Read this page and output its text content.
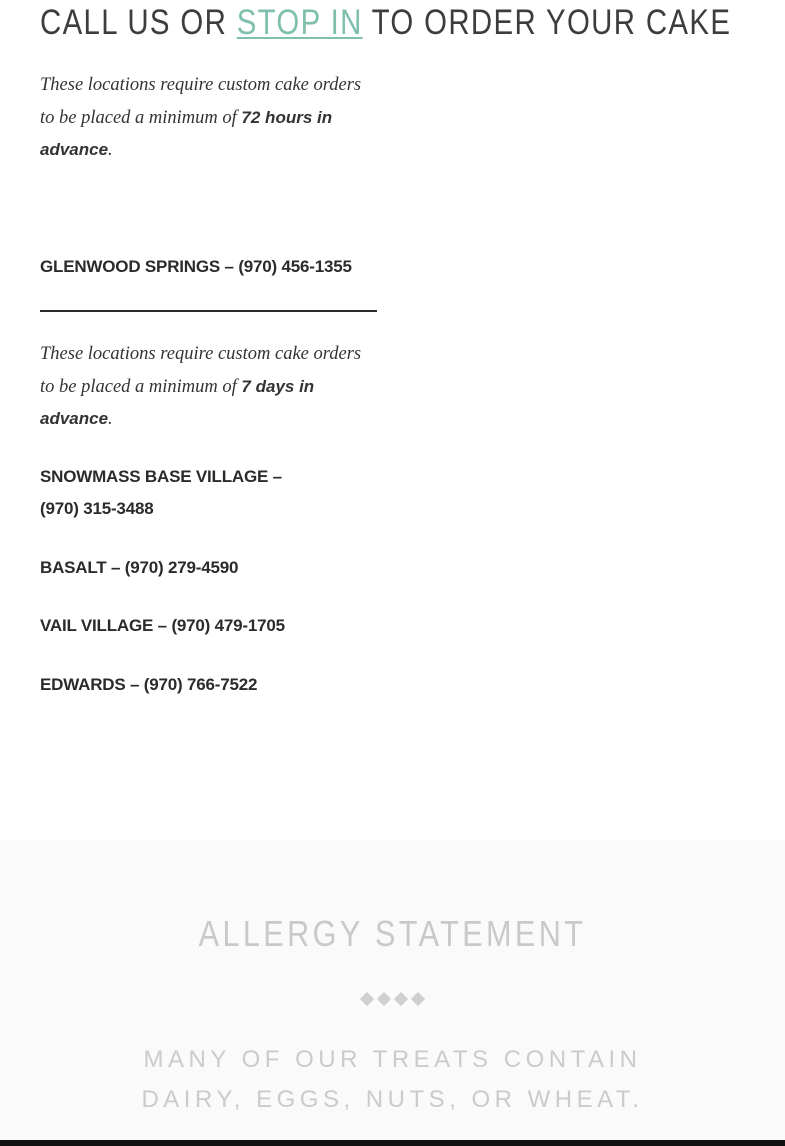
CALL US OR STOP IN TO ORDER YOUR CAKE

These locations require custom cake orders to be placed a minimum of 72 hours in advance.

GLENWOOD SPRINGS – (970) 456-1355

These locations require custom cake orders to be placed a minimum of 7 days in advance.

SNOWMASS BASE VILLAGE – (970) 315-3488

BASALT – (970) 279-4590

VAIL VILLAGE – (970) 479-1705

EDWARDS – (970) 766-7522

ALLERGY STATEMENT

MANY OF OUR TREATS CONTAIN
DAIRY, EGGS, NUTS, OR WHEAT.
